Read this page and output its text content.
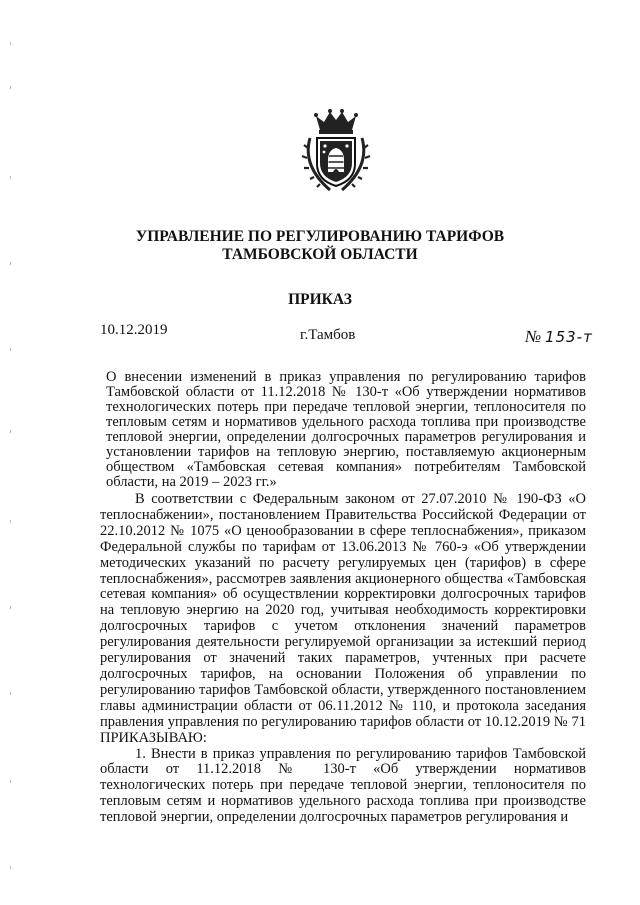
УПРАВЛЕНИЕ ПО РЕГУЛИРОВАНИЮ ТАРИФОВ ТАМБОВСКОЙ ОБЛАСТИ
ПРИКАЗ
10.12.2019	г.Тамбов	№ 153-т
О внесении изменений в приказ управления по регулированию тарифов Тамбовской области от 11.12.2018 № 130-т «Об утверждении нормативов технологических потерь при передаче тепловой энергии, теплоносителя по тепловым сетям и нормативов удельного расхода топлива при производстве тепловой энергии, определении долгосрочных параметров регулирования и установлении тарифов на тепловую энергию, поставляемую акционерным обществом «Тамбовская сетевая компания» потребителям Тамбовской области, на 2019 – 2023 гг.»

В соответствии с Федеральным законом от 27.07.2010 № 190-ФЗ «О теплоснабжении», постановлением Правительства Российской Федерации от 22.10.2012 № 1075 «О ценообразовании в сфере теплоснабжения», приказом Федеральной службы по тарифам от 13.06.2013 № 760-э «Об утверждении методических указаний по расчету регулируемых цен (тарифов) в сфере теплоснабжения», рассмотрев заявления акционерного общества «Тамбовская сетевая компания» об осуществлении корректировки долгосрочных тарифов на тепловую энергию на 2020 год, учитывая необходимость корректировки долгосрочных тарифов с учетом отклонения значений параметров регулирования деятельности регулируемой организации за истекший период регулирования от значений таких параметров, учтенных при расчете долгосрочных тарифов, на основании Положения об управлении по регулированию тарифов Тамбовской области, утвержденного постановлением главы администрации области от 06.11.2012 № 110, и протокола заседания правления управления по регулированию тарифов области от 10.12.2019 № 71 ПРИКАЗЫВАЮ:

1. Внести в приказ управления по регулированию тарифов Тамбовской области от 11.12.2018 № 130-т «Об утверждении нормативов технологических потерь при передаче тепловой энергии, теплоносителя по тепловым сетям и нормативов удельного расхода топлива при производстве тепловой энергии, определении долгосрочных параметров регулирования и
